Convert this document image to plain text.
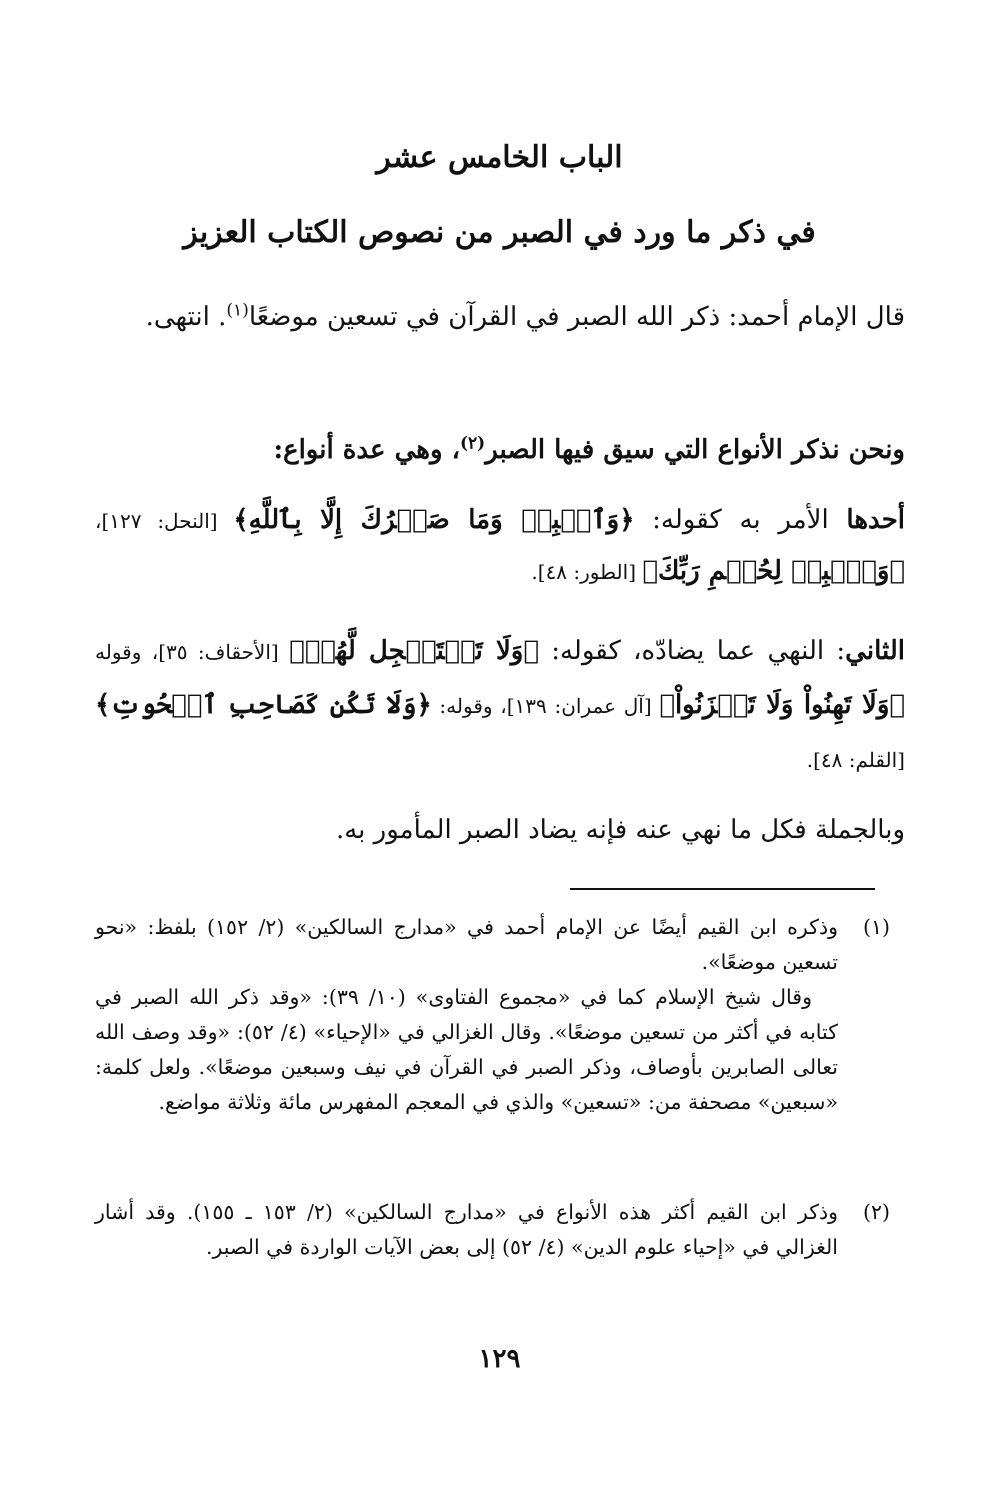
الباب الخامس عشر
في ذكر ما ورد في الصبر من نصوص الكتاب العزيز
قال الإمام أحمد: ذكر الله الصبر في القرآن في تسعين موضعًا$^{(١)}$. انتهى.
ونحن نذكر الأنواع التي سيق فيها الصبر$^{(٢)}$، وهي عدة أنواع:
أحدها الأمر به كقوله: ﴿وَٱصۡبِرۡ وَمَا صَبۡرُكَ إِلَّا بِٱللَّهِ﴾ [النحل: ١٢٧]، ﴿وَٱصۡبِرۡ لِحُكۡمِ رَبِّكَ﴾ [الطور: ٤٨].
الثاني: النهي عما يضادّه، كقوله: ﴿وَلَا تَسۡتَعۡجِل لَّهُمۡ﴾ [الأحقاف: ٣٥]، وقوله ﴿وَلَا تَهِنُواْ وَلَا تَحۡزَنُواْ﴾ [آل عمران: ١٣٩]، وقوله: ﴿وَلَا تَكُن كَصَاحِبِ ٱلۡحُوتِ﴾ [القلم: ٤٨].
وبالجملة فكل ما نهي عنه فإنه يضاد الصبر المأمور به.
(١)
وذكره ابن القيم أيضًا عن الإمام أحمد في «مدارج السالكين» (٢/ ١٥٢) بلفظ: «نحو تسعين موضعًا».
وقال شيخ الإسلام كما في «مجموع الفتاوى» (١٠/ ٣٩): «وقد ذكر الله الصبر في كتابه في أكثر من تسعين موضعًا». وقال الغزالي في «الإحياء» (٤/ ٥٢): «وقد وصف الله تعالى الصابرين بأوصاف، وذكر الصبر في القرآن في نيف وسبعين موضعًا». ولعل كلمة: «سبعين» مصحفة من: «تسعين» والذي في المعجم المفهرس مائة وثلاثة مواضع.
(٢)
وذكر ابن القيم أكثر هذه الأنواع في «مدارج السالكين» (٢/ ١٥٣ ـ ١٥٥). وقد أشار الغزالي في «إحياء علوم الدين» (٤/ ٥٢) إلى بعض الآيات الواردة في الصبر.
١٢٩
